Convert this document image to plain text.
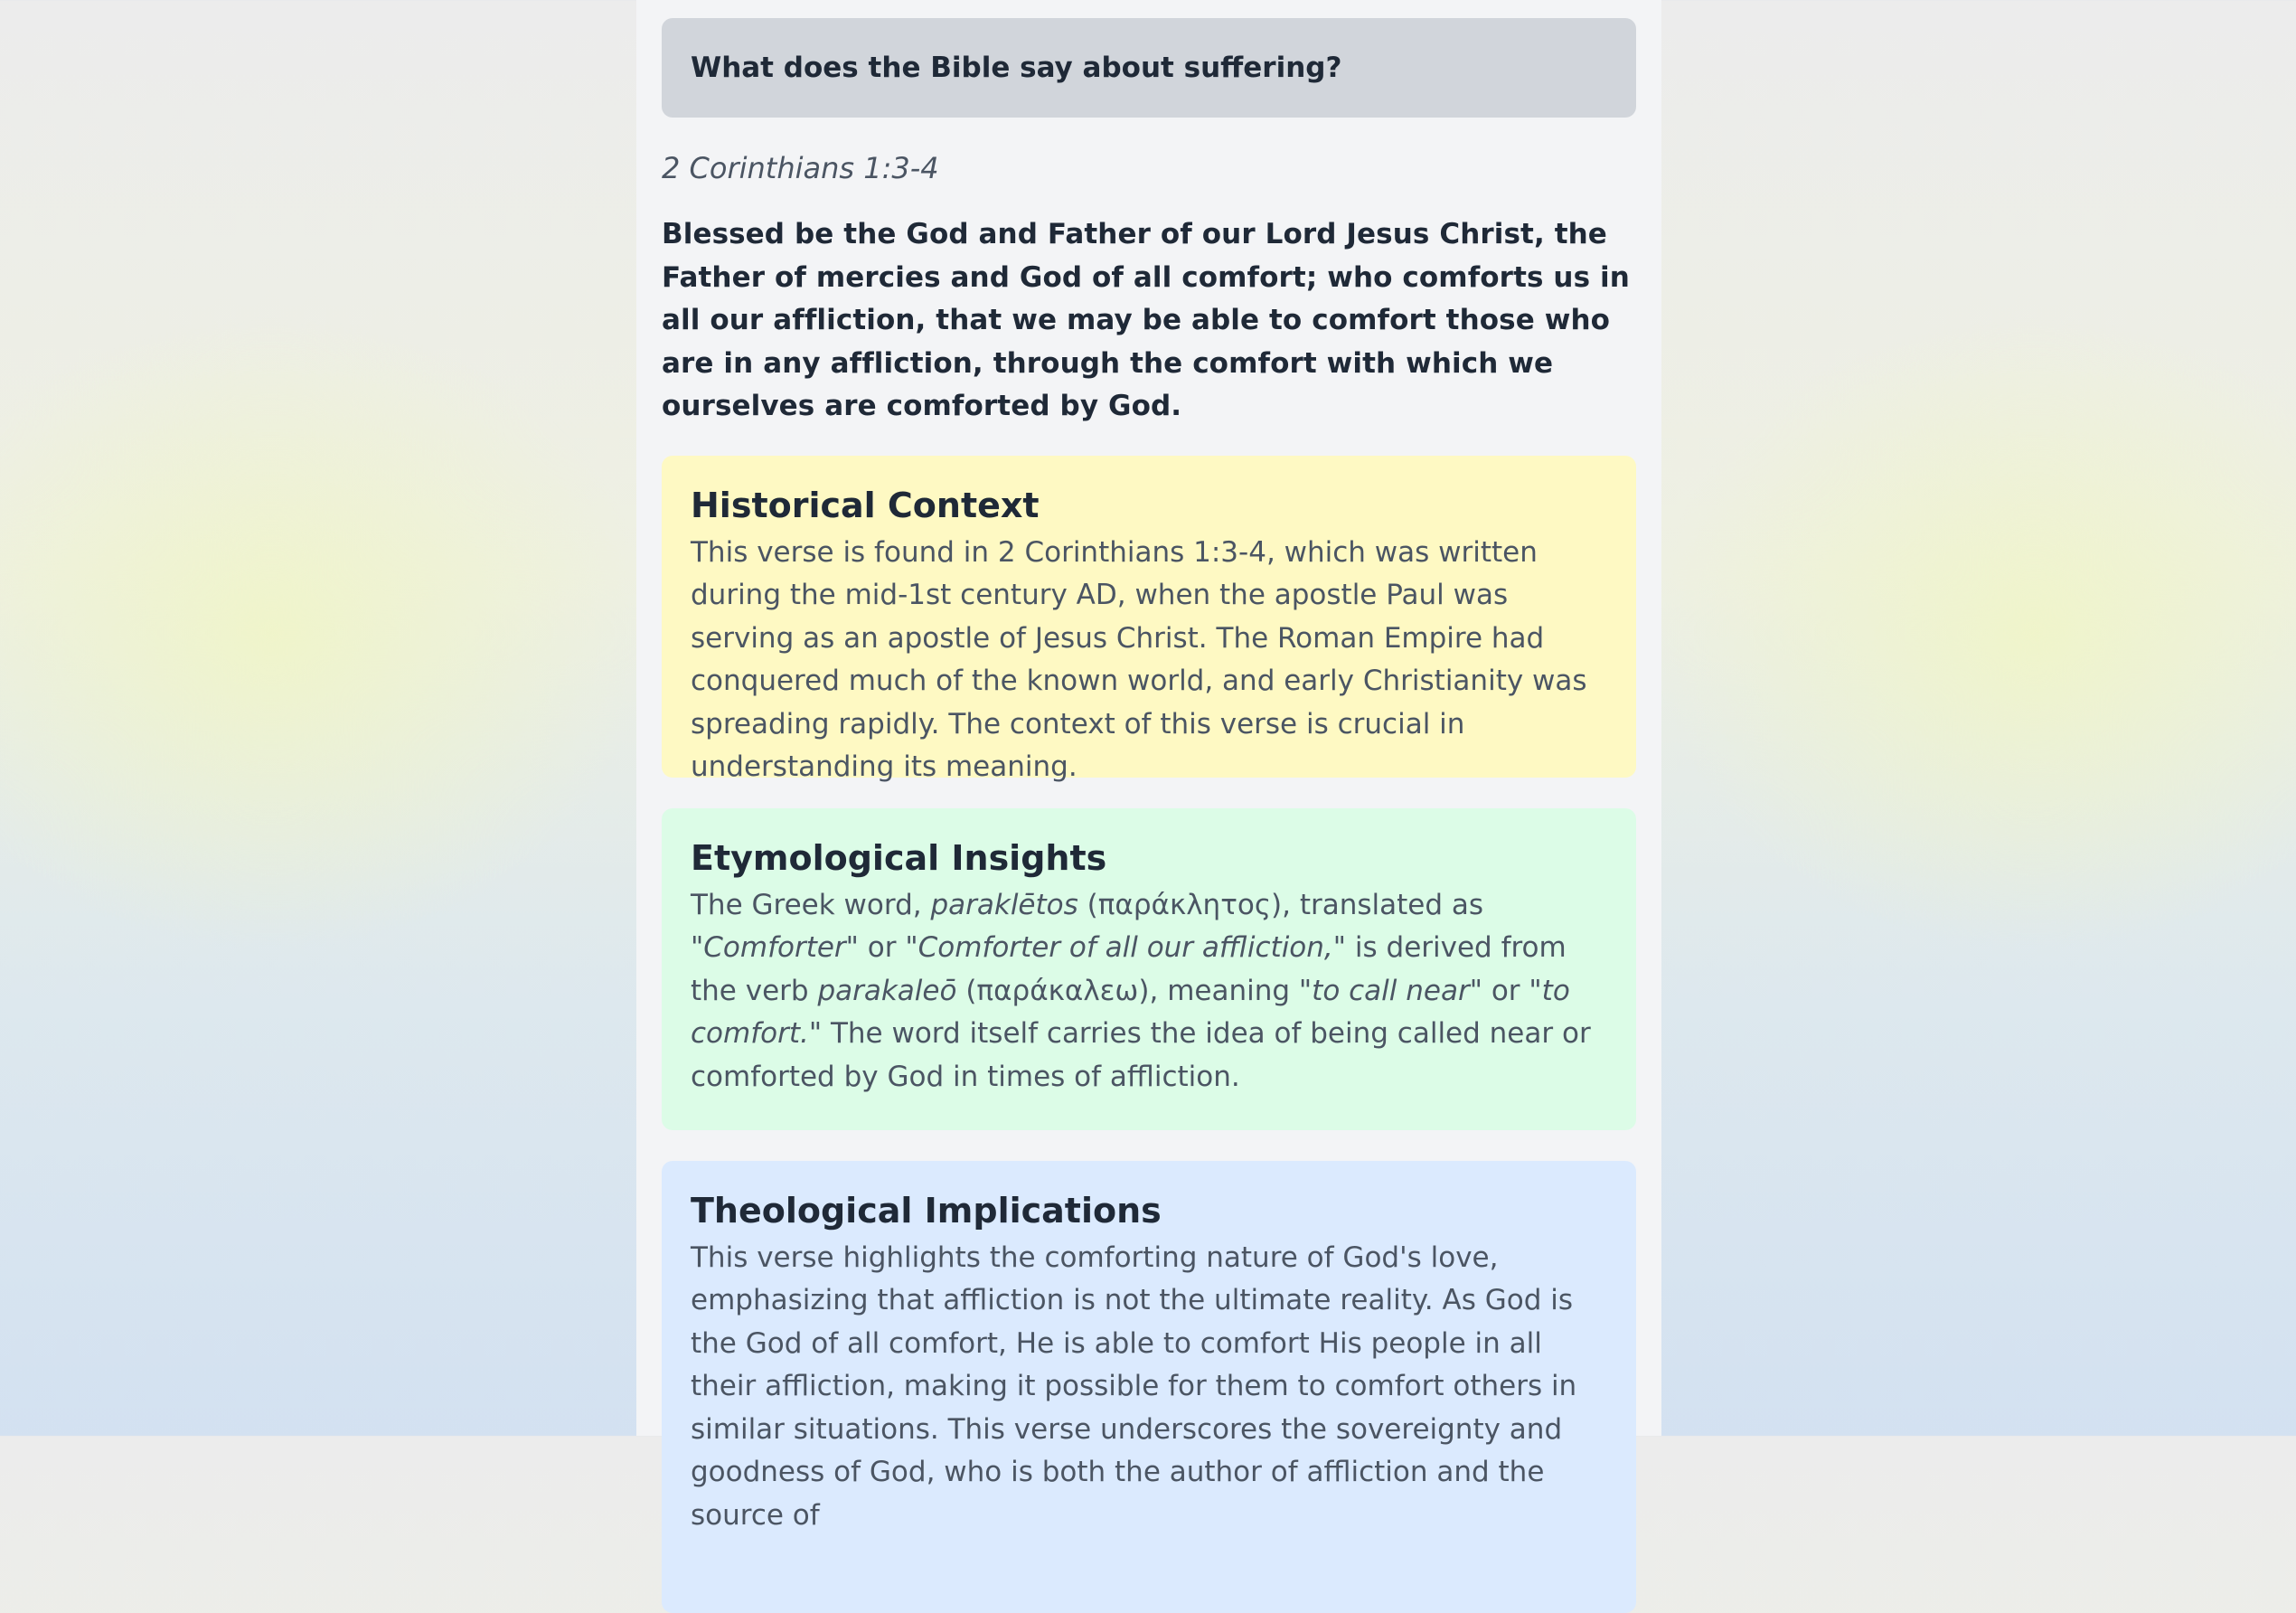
What does the Bible say about suffering?
2 Corinthians 1:3-4
Blessed be the God and Father of our Lord Jesus Christ, the Father of mercies and God of all comfort; who comforts us in all our affliction, that we may be able to comfort those who are in any affliction, through the comfort with which we ourselves are comforted by God.
Historical Context

This verse is found in 2 Corinthians 1:3-4, which was written during the mid-1st century AD, when the apostle Paul was serving as an apostle of Jesus Christ. The Roman Empire had conquered much of the known world, and early Christianity was spreading rapidly. The context of this verse is crucial in understanding its meaning.

Etymological Insights

The Greek word, paraklētos (παράκλητος), translated as "Comforter" or "Comforter of all our affliction," is derived from the verb parakaleō (παράκαλεω), meaning "to call near" or "to comfort." The word itself carries the idea of being called near or comforted by God in times of affliction.

Theological Implications

This verse highlights the comforting nature of God's love, emphasizing that affliction is not the ultimate reality. As God is the God of all comfort, He is able to comfort His people in all their affliction, making it possible for them to comfort others in similar situations. This verse underscores the sovereignty and goodness of God, who is both the author of affliction and the source of
